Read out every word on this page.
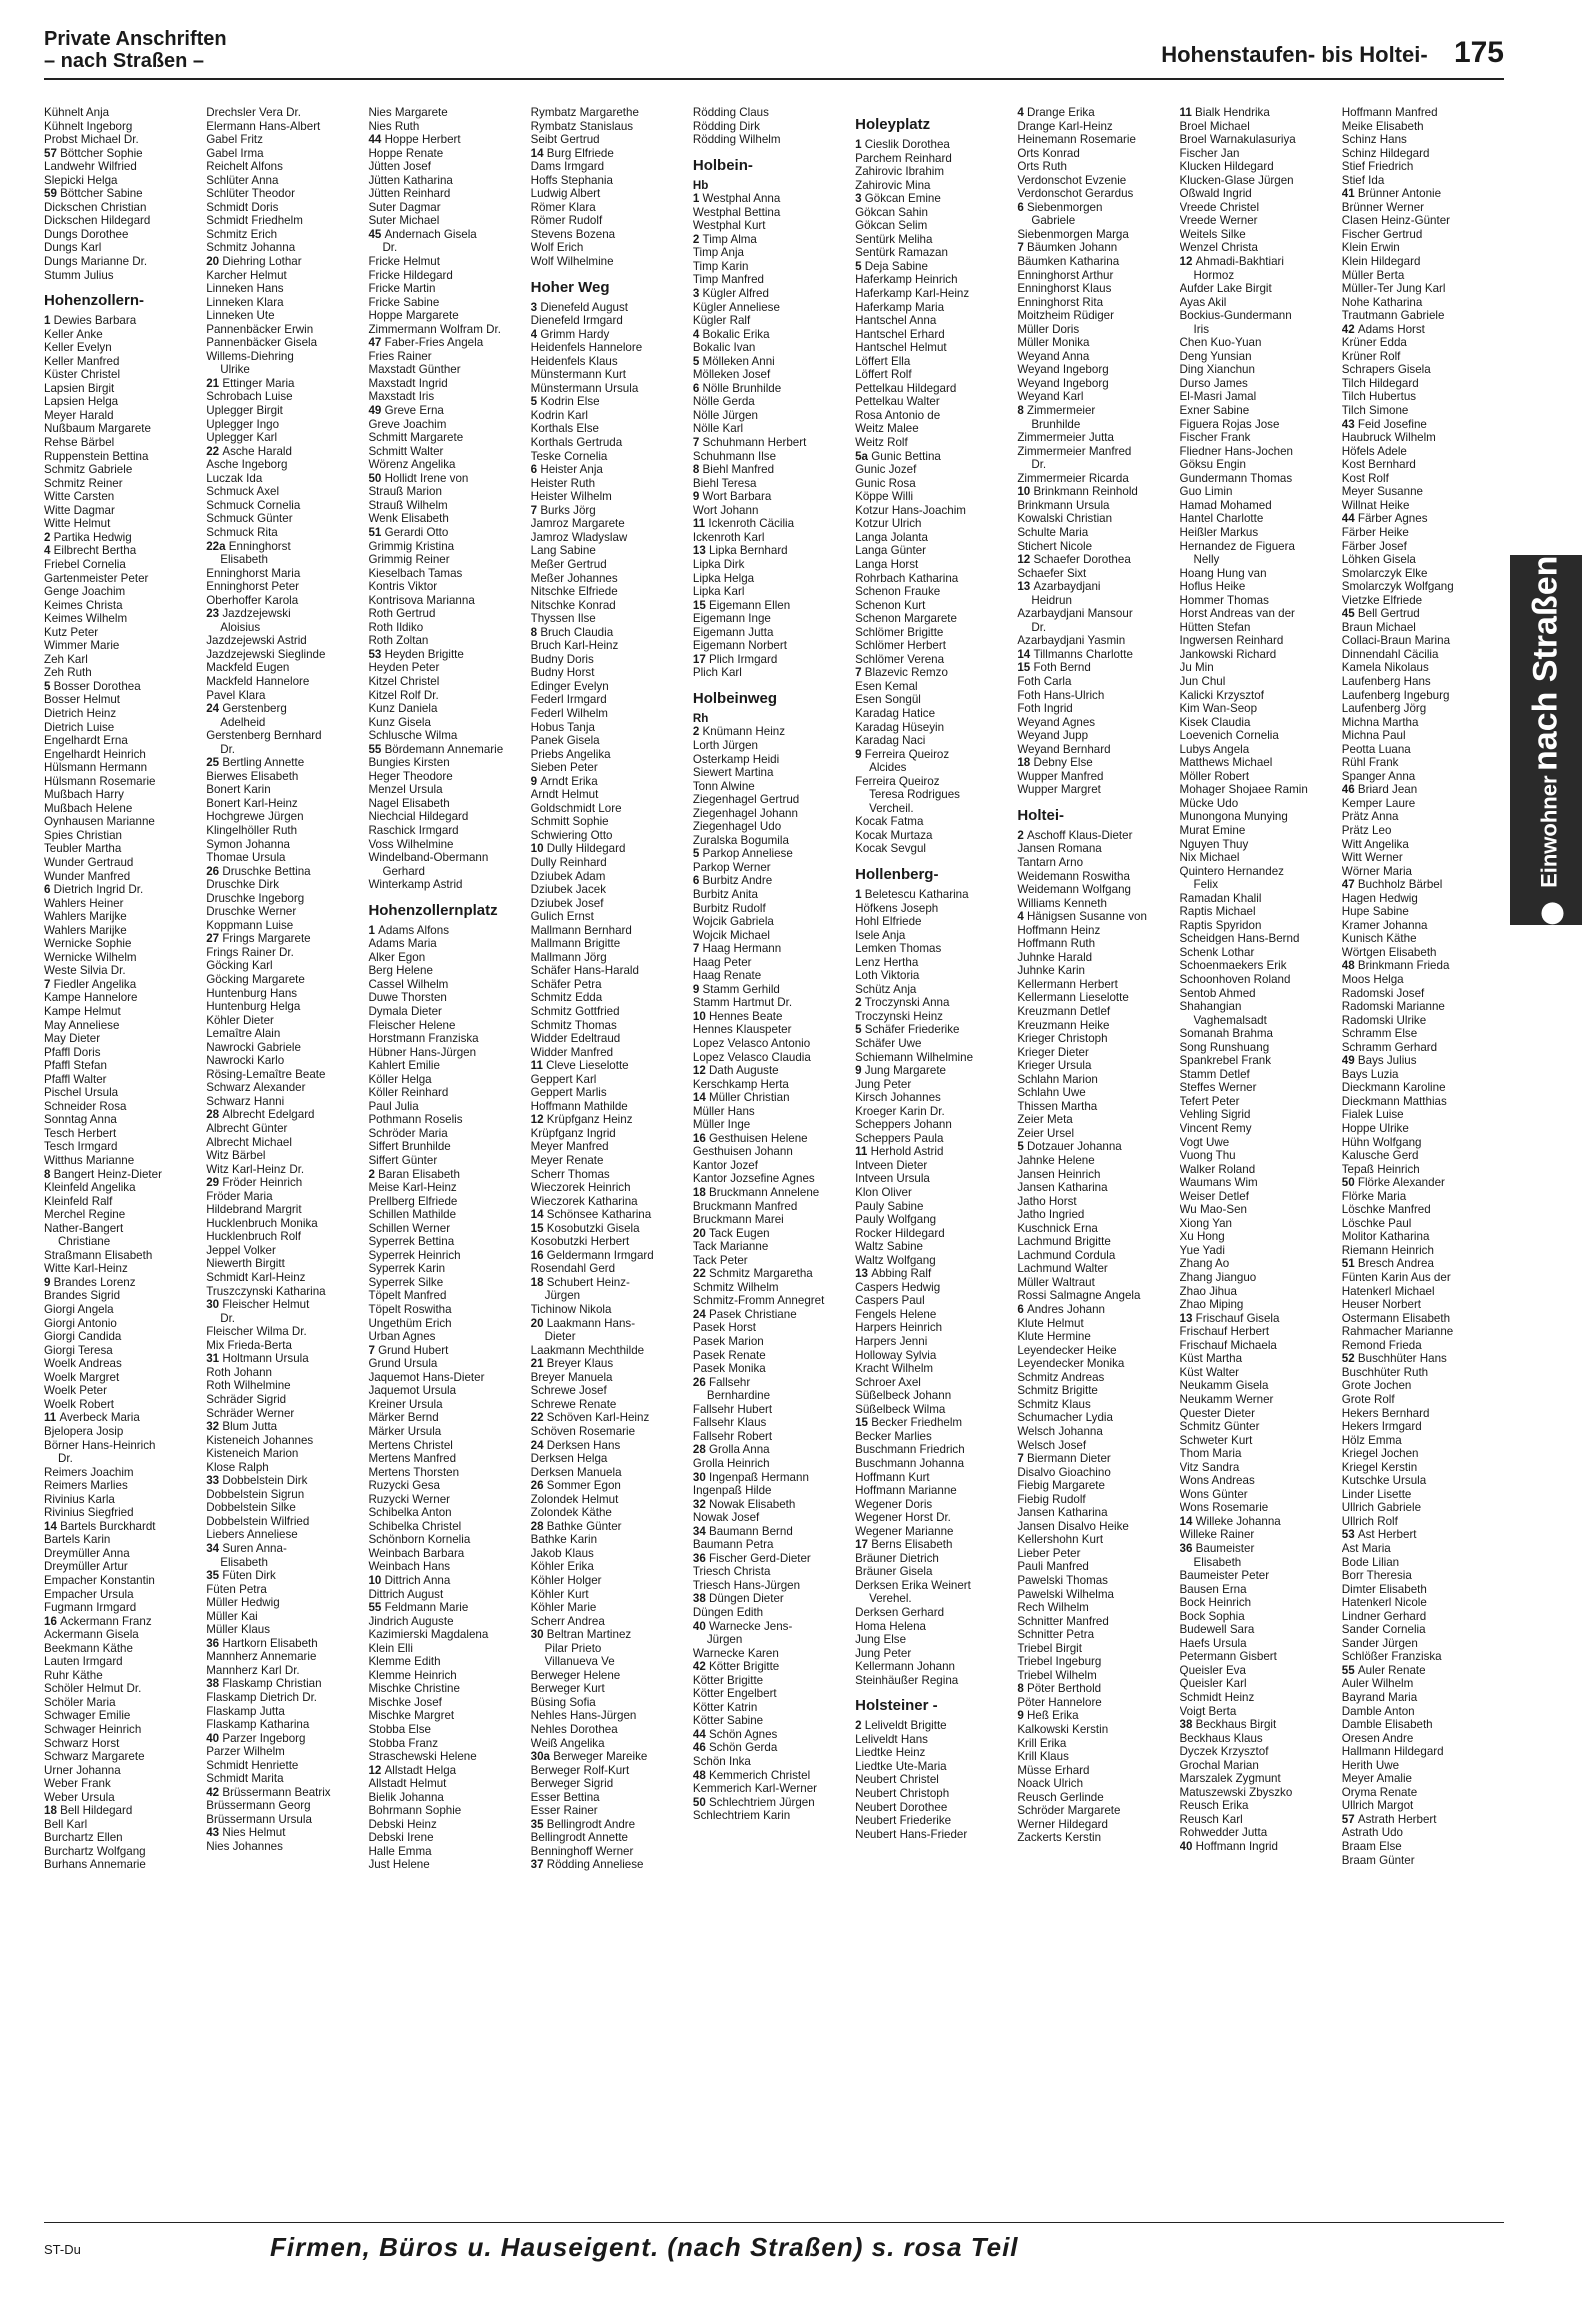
Private Anschriften
– nach Straßen –	Hohenstaufen- bis Holtei- 175
Kühnelt Anja
Kühnelt Ingeborg
Probst Michael Dr.
57 Böttcher Sophie
Landwehr Wilfried
Slepicki Helga
59 Böttcher Sabine
Dickschen Christian
Dickschen Hildegard
Dungs Dorothee
Dungs Karl
Dungs Marianne Dr.
Stumm Julius
Hohenzollern-
1 Dewies Barbara
Keller Anke
Keller Evelyn
Keller Manfred
Küster Christel
Lapsien Birgit
Lapsien Helga
Meyer Harald
Nußbaum Margarete
Rehse Bärbel
Ruppenstein Bettina
Schmitz Gabriele
Schmitz Reiner
Witte Carsten
Witte Dagmar
Witte Helmut
2 Partika Hedwig
4 Eilbrecht Bertha
Friebel Cornelia
Gartenmeister Peter
Genge Joachim
Keimes Christa
Keimes Wilhelm
Kutz Peter
Wimmer Marie
Zeh Karl
Zeh Ruth
5 Bosser Dorothea
Bosser Helmut
Dietrich Heinz
Dietrich Luise
Engelhardt Erna
Engelhardt Heinrich
Hülsmann Hermann
Hülsmann Rosemarie
Mußbach Harry
Mußbach Helene
Oynhausen Marianne
Spies Christian
Teubler Martha
Wunder Gertraud
Wunder Manfred
6 Dietrich Ingrid Dr.
Wahlers Heiner
Wahlers Marijke
Wahlers Marijke
Wernicke Sophie
Wernicke Wilhelm
Weste Silvia Dr.
7 Fiedler Angelika
Kampe Hannelore
Kampe Helmut
May Anneliese
May Dieter
Pfaffl Doris
Pfaffl Stefan
Pfaffl Walter
Pischel Ursula
Schneider Rosa
Sonntag Anna
Tesch Herbert
Tesch Irmgard
Witthus Marianne
8 Bangert Heinz-Dieter
Kleinfeld Angelika
Kleinfeld Ralf
Merchel Regine
Nather-Bangert
Christiane
Straßmann Elisabeth
Witte Karl-Heinz
9 Brandes Lorenz
Brandes Sigrid
Giorgi Angela
Giorgi Antonio
Giorgi Candida
Giorgi Teresa
Woelk Andreas
Woelk Margret
Woelk Peter
Woelk Robert
11 Averbeck Maria
Bjelopera Josip
Börner Hans-Heinrich
Dr.
Reimers Joachim
Reimers Marlies
Rivinius Karla
Rivinius Siegfried
14 Bartels Burckhardt
Bartels Karin
Dreymüller Anna
Dreymüller Artur
Empacher Konstantin
Empacher Ursula
Fugmann Irmgard
16 Ackermann Franz
Ackermann Gisela
Beekmann Käthe
Lauten Irmgard
Ruhr Käthe
Schöler Helmut Dr.
Schöler Maria
Schwager Emilie
Schwager Heinrich
Schwarz Horst
Schwarz Margarete
Urner Johanna
Weber Frank
Weber Ursula
18 Bell Hildegard
Bell Karl
Burchartz Ellen
Burchartz Wolfgang
Burhans Annemarie
Drechsler Vera Dr.
Elermann Hans-Albert
Gabel Fritz
Gabel Irma
Reichelt Alfons
Schlüter Anna
Schlüter Theodor
Schmidt Doris
Schmidt Friedhelm
Schmitz Erich
Schmitz Johanna
20 Diehring Lothar
Karcher Helmut
Linneken Hans
Linneken Klara
Linneken Ute
Pannenbäcker Erwin
Pannenbäcker Gisela
Willems-Diehring
Ulrike
21 Ettinger Maria
Schrobach Luise
Uplegger Birgit
Uplegger Ingo
Uplegger Karl
22 Asche Harald
Asche Ingeborg
Luczak Ida
Schmuck Axel
Schmuck Cornelia
Schmuck Günter
Schmuck Rita
22a Enninghorst
Elisabeth
Enninghorst Maria
Enninghorst Peter
Oberhoffer Karola
23 Jazdzejewski
Aloisius
Jazdzejewski Astrid
Jazdzejewski Sieglinde
Mackfeld Eugen
Mackfeld Hannelore
Pavel Klara
24 Gerstenberg
Adelheid
Gerstenberg Bernhard
Dr.
25 Bertling Annette
Bierwes Elisabeth
Bonert Karin
Bonert Karl-Heinz
Hochgrewe Jürgen
Klingelhöller Ruth
Symon Johanna
Thomae Ursula
26 Druschke Bettina
Druschke Dirk
Druschke Ingeborg
Druschke Werner
Koppmann Luise
27 Frings Margarete
Frings Rainer Dr.
Göcking Karl
Göcking Margarete
Huntenburg Hans
Huntenburg Helga
Köhler Dieter
Lemaître Alain
Nawrocki Gabriele
Nawrocki Karlo
Rösing-Lemaître Beate
Schwarz Alexander
Schwarz Hanni
28 Albrecht Edelgard
Albrecht Günter
Albrecht Michael
Witz Bärbel
Witz Karl-Heinz Dr.
29 Fröder Heinrich
Fröder Maria
Hildebrand Margrit
Hucklenbruch Monika
Hucklenbruch Rolf
Jeppel Volker
Niewerth Birgitt
Schmidt Karl-Heinz
Truszczynski Katharina
30 Fleischer Helmut
Dr.
Fleischer Wilma Dr.
Mix Frieda-Berta
31 Holtmann Ursula
Roth Johann
Roth Wilhelmine
Schräder Sigrid
Schräder Werner
32 Blum Jutta
Kisteneich Johannes
Kisteneich Marion
Klose Ralph
33 Dobbelstein Dirk
Dobbelstein Sigrun
Dobbelstein Silke
Dobbelstein Wilfried
Liebers Anneliese
34 Suren Anna-
Elisabeth
35 Füten Dirk
Füten Petra
Müller Hedwig
Müller Kai
Müller Klaus
36 Hartkorn Elisabeth
Mannherz Annemarie
Mannherz Karl Dr.
38 Flaskamp Christian
Flaskamp Dietrich Dr.
Flaskamp Jutta
Flaskamp Katharina
40 Parzer Ingeborg
Parzer Wilhelm
Schmidt Henriette
Schmidt Marita
42 Brüssermann Beatrix
Brüssermann Georg
Brüssermann Ursula
43 Nies Helmut
Nies Johannes
Nies Margarete
Nies Ruth
44 Hoppe Herbert
Hoppe Renate
Jütten Josef
Jütten Katharina
Jütten Reinhard
Suter Dagmar
Suter Michael
45 Andernach Gisela
Dr.
Fricke Helmut
Fricke Hildegard
Fricke Martin
Fricke Sabine
Hoppe Margarete
Zimmermann Wolfram Dr.
47 Faber-Fries Angela
Fries Rainer
Maxstadt Günther
Maxstadt Ingrid
Maxstadt Iris
49 Greve Erna
Greve Joachim
Schmitt Margarete
Schmitt Walter
Wörenz Angelika
50 Hollidt Irene von
Strauß Marion
Strauß Wilhelm
Wenk Elisabeth
51 Gerardi Otto
Grimmig Kristina
Grimmig Reiner
Kieselbach Tamas
Kontris Viktor
Kontrisova Marianna
Roth Gertrud
Roth Ildiko
Roth Zoltan
53 Heyden Brigitte
Heyden Peter
Kitzel Christel
Kitzel Rolf Dr.
Kunz Daniela
Kunz Gisela
Schlusche Wilma
55 Bördemann Annemarie
Bungies Kirsten
Heger Theodore
Menzel Ursula
Nagel Elisabeth
Niechcial Hildegard
Raschick Irmgard
Voss Wilhelmine
Windelband-Obermann
Gerhard
Winterkamp Astrid
Hohenzollernplatz
1 Adams Alfons
Adams Maria
Alker Egon
Berg Helene
Cassel Wilhelm
Duwe Thorsten
Dymala Dieter
Fleischer Helene
Horstmann Franziska
Hübner Hans-Jürgen
Kahlert Emilie
Köller Helga
Köller Reinhard
Paul Julia
Pothmann Roselis
Schröder Maria
Siffert Brunhilde
Siffert Günter
2 Baran Elisabeth
Meise Karl-Heinz
Prellberg Elfriede
Schillen Mathilde
Schillen Werner
Syperrek Bettina
Syperrek Heinrich
Syperrek Karin
Syperrek Silke
Töpelt Manfred
Töpelt Roswitha
Ungethüm Erich
Urban Agnes
7 Grund Hubert
Grund Ursula
Jaquemot Hans-Dieter
Jaquemot Ursula
Kreiner Ursula
Märker Bernd
Märker Ursula
Mertens Christel
Mertens Manfred
Mertens Thorsten
Ruzycki Gesa
Ruzycki Werner
Schibelka Anton
Schibelka Christel
Schönborn Kornelia
Weinbach Barbara
Weinbach Hans
10 Dittrich Anna
Dittrich August
55 Feldmann Marie
Jindrich Auguste
Kazimierski Magdalena
Klein Elli
Klemme Edith
Klemme Heinrich
Mischke Christine
Mischke Josef
Mischke Margret
Stobba Else
Stobba Franz
Straschewski Helene
12 Allstadt Helga
Allstadt Helmut
Bielik Johanna
Bohrmann Sophie
Debski Heinz
Debski Irene
Halle Emma
Just Helene
Rymbatz Margarethe
Rymbatz Stanislaus
Seibt Gertrud
14 Burg Elfriede
Dams Irmgard
Hoffs Stephania
Ludwig Albert
Römer Klara
Römer Rudolf
Stevens Bozena
Wolf Erich
Wolf Wilhelmine
Hoher Weg
3 Dienefeld August
Dienefeld Irmgard
4 Grimm Hardy
Heidenfels Hannelore
Heidenfels Klaus
Münstermann Kurt
Münstermann Ursula
5 Kodrin Else
Kodrin Karl
Korthals Else
Korthals Gertruda
Teske Cornelia
6 Heister Anja
Heister Ruth
Heister Wilhelm
7 Burks Jörg
Jamroz Margarete
Jamroz Wladyslaw
Lang Sabine
Meßer Gertrud
Meßer Johannes
Nitschke Elfriede
Nitschke Konrad
Thyssen Ilse
8 Bruch Claudia
Bruch Karl-Heinz
Budny Doris
Budny Horst
Edinger Evelyn
Federl Irmgard
Federl Wilhelm
Hobus Tanja
Panek Gisela
Priebs Angelika
Sieben Peter
9 Arndt Erika
Arndt Helmut
Goldschmidt Lore
Schmitt Sophie
Schwiering Otto
10 Dully Hildegard
Dully Reinhard
Dziubek Adam
Dziubek Jacek
Dziubek Josef
Gulich Ernst
Mallmann Bernhard
Mallmann Brigitte
Mallmann Jörg
Schäfer Hans-Harald
Schäfer Petra
Schmitz Edda
Schmitz Gottfried
Schmitz Thomas
Widder Edeltraud
Widder Manfred
11 Cleve Lieselotte
Geppert Karl
Geppert Marlis
Hoffmann Mathilde
12 Krüpfganz Heinz
Krüpfganz Ingrid
Meyer Manfred
Meyer Renate
Scherr Thomas
Wieczorek Heinrich
Wieczorek Katharina
14 Schönsee Katharina
15 Kosobutzki Gisela
Kosobutzki Herbert
16 Geldermann Irmgard
Rosendahl Gerd
18 Schubert Heinz-
Jürgen
Tichinow Nikola
20 Laakmann Hans-
Dieter
Laakmann Mechthilde
21 Breyer Klaus
Breyer Manuela
Schrewe Josef
Schrewe Renate
22 Schöven Karl-Heinz
Schöven Rosemarie
24 Derksen Hans
Derksen Helga
Derksen Manuela
26 Sommer Egon
Zolondek Helmut
Zolondek Käthe
28 Bathke Günter
Bathke Karin
Jakob Klaus
Köhler Erika
Köhler Holger
Köhler Kurt
Köhler Marie
Scherr Andrea
30 Beltran Martinez
Pilar Prieto
Villanueva Ve
Berweger Helene
Berweger Kurt
Büsing Sofia
Nehles Hans-Jürgen
Nehles Dorothea
Weiß Angelika
30a Berweger Mareike
Berweger Rolf-Kurt
Berweger Sigrid
Esser Bettina
Esser Rainer
35 Bellingrodt Andre
Bellingrodt Annette
Benninghoff Werner
37 Rödding Anneliese
Rödding Claus
Rödding Dirk
Rödding Wilhelm
Holbein-
Hb
1 Westphal Anna
Westphal Bettina
Westphal Kurt
2 Timp Alma
Timp Anja
Timp Karin
Timp Manfred
3 Kügler Alfred
Kügler Anneliese
Kügler Ralf
4 Bokalic Erika
Bokalic Ivan
5 Mölleken Anni
Mölleken Josef
6 Nölle Brunhilde
Nölle Gerda
Nölle Jürgen
Nölle Karl
7 Schuhmann Herbert
Schuhmann Ilse
8 Biehl Manfred
Biehl Teresa
9 Wort Barbara
Wort Johann
11 Ickenroth Cäcilia
Ickenroth Karl
13 Lipka Bernhard
Lipka Dirk
Lipka Helga
Lipka Karl
15 Eigemann Ellen
Eigemann Inge
Eigemann Jutta
Eigemann Norbert
17 Plich Irmgard
Plich Karl
Holbeinweg
Rh
2 Knümann Heinz
Lorth Jürgen
Osterkamp Heidi
Siewert Martina
Tonn Alwine
Ziegenhagel Gertrud
Ziegenhagel Johann
Ziegenhagel Udo
Zuralska Bogumila
5 Parkop Anneliese
Parkop Werner
6 Burbitz Andre
Burbitz Anita
Burbitz Rudolf
Wojcik Gabriela
Wojcik Michael
7 Haag Hermann
Haag Peter
Haag Renate
9 Stamm Gerhild
Stamm Hartmut Dr.
10 Hennes Beate
Hennes Klauspeter
Lopez Velasco Antonio
Lopez Velasco Claudia
12 Dath Auguste
Kerschkamp Herta
14 Müller Christian
Müller Hans
Müller Inge
16 Gesthuisen Helene
Gesthuisen Johann
Kantor Jozef
Kantor Jozsefine Agnes
18 Bruckmann Annelene
Bruckmann Manfred
Bruckmann Marei
20 Tack Eugen
Tack Marianne
Tack Peter
22 Schmitz Margaretha
Schmitz Wilhelm
Schmitz-Fromm Annegret
24 Pasek Christiane
Pasek Horst
Pasek Marion
Pasek Renate
Pasek Monika
26 Fallsehr
Bernhardine
Fallsehr Hubert
Fallsehr Klaus
Fallsehr Robert
28 Grolla Anna
Grolla Heinrich
30 Ingenpaß Hermann
Ingenpaß Hilde
32 Nowak Elisabeth
Nowak Josef
34 Baumann Bernd
Baumann Petra
36 Fischer Gerd-Dieter
Triesch Christa
Triesch Hans-Jürgen
38 Düngen Dieter
Düngen Edith
40 Warnecke Jens-
Jürgen
Warnecke Karen
42 Kötter Brigitte
Kötter Brigitte
Kötter Engelbert
Kötter Katrin
Kötter Sabine
44 Schön Agnes
46 Schön Gerda
Schön Inka
48 Kemmerich Christel
Kemmerich Karl-Werner
50 Schlechtriem Jürgen
Schlechtriem Karin
Holeyplatz
1 Cieslik Dorothea
Parchem Reinhard
Zahirovic Ibrahim
Zahirovic Mina
3 Gökcan Emine
Gökcan Sahin
Gökcan Selim
Sentürk Meliha
Sentürk Ramazan
5 Deja Sabine
Haferkamp Heinrich
Haferkamp Karl-Heinz
Haferkamp Maria
Hantschel Anna
Hantschel Erhard
Hantschel Helmut
Löffert Ella
Löffert Rolf
Pettelkau Hildegard
Pettelkau Walter
Rosa Antonio de
Weitz Malee
Weitz Rolf
5a Gunic Bettina
Gunic Jozef
Gunic Rosa
Köppe Willi
Kotzur Hans-Joachim
Kotzur Ulrich
Langa Jolanta
Langa Günter
Langa Horst
Rohrbach Katharina
Schenon Frauke
Schenon Kurt
Schenon Margarete
Schlömer Brigitte
Schlömer Herbert
Schlömer Verena
7 Blazevic Remzo
Esen Kemal
Esen Songül
Karadag Hatice
Karadag Hüseyin
Karadag Naci
9 Ferreira Queiroz
Alcides
Ferreira Queiroz
Teresa Rodrigues
Vercheil.
Kocak Fatma
Kocak Murtaza
Kocak Sevgul
Hollenberg-
1 Beletescu Katharina
Höfkens Joseph
Hohl Elfriede
Isele Anja
Lemken Thomas
Lenz Hertha
Loth Viktoria
Schütz Anja
2 Troczynski Anna
Troczynski Heinz
5 Schäfer Friederike
Schäfer Uwe
Schiemann Wilhelmine
9 Jung Margarete
Jung Peter
Kirsch Johannes
Kroeger Karin Dr.
Scheppers Johann
Scheppers Paula
11 Herhold Astrid
Intveen Dieter
Intveen Ursula
Klon Oliver
Pauly Sabine
Pauly Wolfgang
Rocker Hildegard
Waltz Sabine
Waltz Wolfgang
13 Abbing Ralf
Caspers Hedwig
Caspers Paul
Fengels Helene
Harpers Heinrich
Harpers Jenni
Holloway Sylvia
Kracht Wilhelm
Schroer Axel
Süßelbeck Johann
Süßelbeck Wilma
15 Becker Friedhelm
Becker Marlies
Buschmann Friedrich
Buschmann Johanna
Hoffmann Kurt
Hoffmann Marianne
Wegener Doris
Wegener Horst Dr.
Wegener Marianne
17 Berns Elisabeth
Bräuner Dietrich
Bräuner Gisela
Derksen Erika Weinert
Verehel.
Derksen Gerhard
Homa Helena
Jung Else
Jung Peter
Kellermann Johann
Steinhäußer Regina
Holsteiner -
2 Leliveldt Brigitte
Leliveldt Hans
Liedtke Heinz
Liedtke Ute-Maria
Neubert Christel
Neubert Christoph
Neubert Dorothee
Neubert Friederike
Neubert Hans-Frieder
4 Drange Erika
Drange Karl-Heinz
Heinemann Rosemarie
Orts Konrad
Orts Ruth
Verdonschot Evzenie
Verdonschot Gerardus
6 Siebenmorgen
Gabriele
Siebenmorgen Marga
7 Bäumken Johann
Bäumken Katharina
Enninghorst Arthur
Enninghorst Klaus
Enninghorst Rita
Moitzheim Rüdiger
Müller Doris
Müller Monika
Weyand Anna
Weyand Ingeborg
Weyand Ingeborg
Weyand Karl
8 Zimmermeier
Brunhilde
Zimmermeier Jutta
Zimmermeier Manfred
Dr.
Zimmermeier Ricarda
10 Brinkmann Reinhold
Brinkmann Ursula
Kowalski Christian
Schulte Maria
Stichert Nicole
12 Schaefer Dorothea
Schaefer Sixt
13 Azarbaydjani
Heidrun
Azarbaydjani Mansour
Dr.
Azarbaydjani Yasmin
14 Tillmanns Charlotte
15 Foth Bernd
Foth Carla
Foth Hans-Ulrich
Foth Ingrid
Weyand Agnes
Weyand Jupp
Weyand Bernhard
18 Debny Else
Wupper Manfred
Wupper Margret
Holtei-
2 Aschoff Klaus-Dieter
Jansen Romana
Tantarn Arno
Weidemann Roswitha
Weidemann Wolfgang
Williams Kenneth
4 Hänigsen Susanne von
Hoffmann Heinz
Hoffmann Ruth
Juhnke Harald
Juhnke Karin
Kellermann Herbert
Kellermann Lieselotte
Kreuzmann Detlef
Kreuzmann Heike
Krieger Christoph
Krieger Dieter
Krieger Ursula
Schlahn Marion
Schlahn Uwe
Thissen Martha
Zeier Meta
Zeier Ursel
5 Dotzauer Johanna
Jahnke Helene
Jansen Heinrich
Jansen Katharina
Jatho Horst
Jatho Ingried
Kuschnick Erna
Lachmund Brigitte
Lachmund Cordula
Lachmund Walter
Müller Waltraut
Rossi Salmagne Angela
6 Andres Johann
Klute Helmut
Klute Hermine
Leyendecker Heike
Leyendecker Monika
Schmitz Andreas
Schmitz Brigitte
Schmitz Klaus
Schumacher Lydia
Welsch Johanna
Welsch Josef
7 Biermann Dieter
Disalvo Gioachino
Fiebig Margarete
Fiebig Rudolf
Jansen Katharina
Jansen Disalvo Heike
Kellershohn Kurt
Lieber Peter
Pauli Manfred
Pawelski Thomas
Pawelski Wilhelma
Rech Wilhelm
Schnitter Manfred
Schnitter Petra
Triebel Birgit
Triebel Ingeburg
Triebel Wilhelm
8 Pöter Berthold
Pöter Hannelore
9 Heß Erika
Kalkowski Kerstin
Krill Erika
Krill Klaus
Müsse Erhard
Noack Ulrich
Reusch Gerlinde
Schröder Margarete
Werner Hildegard
Zackerts Kerstin
11 Bialk Hendrika
Broel Michael
Broel Warnakulasuriya
Fischer Jan
Klucken Hildegard
Klucken-Glase Jürgen
Oßwald Ingrid
Vreede Christel
Vreede Werner
Weitels Silke
Wenzel Christa
12 Ahmadi-Bakhtiari
Hormoz
Aufder Lake Birgit
Ayas Akil
Bockius-Gundermann
Iris
Chen Kuo-Yuan
Deng Yunsian
Ding Xianchun
Durso James
El-Masri Jamal
Exner Sabine
Figuera Rojas Jose
Fischer Frank
Fliedner Hans-Jochen
Göksu Engin
Gundermann Thomas
Guo Limin
Hamad Mohamed
Hantel Charlotte
Heißler Markus
Hernandez de Figuera
Nelly
Hoang Hung van
Hoflus Heike
Hommer Thomas
Horst Andreas van der
Hütten Stefan
Ingwersen Reinhard
Jankowski Richard
Ju Min
Jun Chul
Kalicki Krzysztof
Kim Wan-Seop
Kisek Claudia
Loevenich Cornelia
Lubys Angela
Matthews Michael
Möller Robert
Mohager Shojaee Ramin
Mücke Udo
Munongona Munying
Murat Emine
Nguyen Thuy
Nix Michael
Quintero Hernandez
Felix
Ramadan Khalil
Raptis Michael
Raptis Spyridon
Scheidgen Hans-Bernd
Schenk Lothar
Schoenmaekers Erik
Schoonhoven Roland
Sentob Ahmed
Shahangian
Vaghemalsadt
Somanah Brahma
Song Runshuang
Spankrebel Frank
Stamm Detlef
Steffes Werner
Tefert Peter
Vehling Sigrid
Vincent Remy
Vogt Uwe
Vuong Thu
Walker Roland
Waumans Wim
Weiser Detlef
Wu Mao-Sen
Xiong Yan
Xu Hong
Yue Yadi
Zhang Ao
Zhang Jianguo
Zhao Jihua
Zhao Miping
13 Frischauf Gisela
Frischauf Herbert
Frischauf Michaela
Küst Martha
Küst Walter
Neukamm Gisela
Neukamm Werner
Quester Dieter
Schmitz Günter
Schweter Kurt
Thom Maria
Vitz Sandra
Wons Andreas
Wons Günter
Wons Rosemarie
14 Willeke Johanna
Willeke Rainer
36 Baumeister
Elisabeth
Baumeister Peter
Bausen Erna
Bock Heinrich
Bock Sophia
Budewell Sara
Haefs Ursula
Petermann Gisbert
Queisler Eva
Queisler Karl
Schmidt Heinz
Voigt Berta
38 Beckhaus Birgit
Beckhaus Klaus
Dyczek Krzysztof
Grochal Marian
Marszalek Zygmunt
Matuszewski Zbyszko
Reusch Erika
Reusch Karl
Rohwedder Jutta
40 Hoffmann Ingrid
Hoffmann Manfred
Meike Elisabeth
Schinz Hans
Schinz Hildegard
Stief Friedrich
Stief Ida
41 Brünner Antonie
Brünner Werner
Clasen Heinz-Günter
Fischer Gertrud
Klein Erwin
Klein Hildegard
Müller Berta
Müller-Ter Jung Karl
Nohe Katharina
Trautmann Gabriele
42 Adams Horst
Krüner Edda
Krüner Rolf
Schrapers Gisela
Tilch Hildegard
Tilch Hubertus
Tilch Simone
43 Feid Josefine
Haubruck Wilhelm
Höfels Adele
Kost Bernhard
Kost Rolf
Meyer Susanne
Willnat Heike
44 Färber Agnes
Färber Heike
Färber Josef
Löhken Gisela
Smolarczyk Elke
Smolarczyk Wolfgang
Vietzke Elfriede
45 Bell Gertrud
Braun Michael
Collaci-Braun Marina
Dinnendahl Cäcilia
Kamela Nikolaus
Laufenberg Hans
Laufenberg Ingeburg
Laufenberg Jörg
Michna Martha
Michna Paul
Peotta Luana
Rühl Frank
Spanger Anna
46 Briard Jean
Kemper Laure
Prätz Anna
Prätz Leo
Witt Angelika
Witt Werner
Wörner Maria
47 Buchholz Bärbel
Hagen Hedwig
Hupe Sabine
Kramer Johanna
Kunisch Käthe
Wörtgen Elisabeth
48 Brinkmann Frieda
Moos Helga
Radomski Josef
Radomski Marianne
Radomski Ulrike
Schramm Else
Schramm Gerhard
49 Bays Julius
Bays Luzia
Dieckmann Karoline
Dieckmann Matthias
Fialek Luise
Hoppe Ulrike
Hühn Wolfgang
Kalusche Gerd
Tepaß Heinrich
50 Flörke Alexander
Flörke Maria
Löschke Manfred
Löschke Paul
Molitor Katharina
Riemann Heinrich
51 Bresch Andrea
Fünten Karin Aus der
Hatenkerl Michael
Heuser Norbert
Ostermann Elisabeth
Rahmacher Marianne
Remond Frieda
52 Buschhüter Hans
Buschhüter Ruth
Grote Jochen
Grote Rolf
Hekers Bernhard
Hekers Irmgard
Hölz Emma
Kriegel Jochen
Kriegel Kerstin
Kutschke Ursula
Linder Lisette
Ullrich Gabriele
Ullrich Rolf
53 Ast Herbert
Ast Maria
Bode Lilian
Borr Theresia
Dimter Elisabeth
Hatenkerl Nicole
Lindner Gerhard
Sander Cornelia
Sander Jürgen
Schlößer Franziska
55 Auler Renate
Auler Wilhelm
Bayrand Maria
Damble Anton
Damble Elisabeth
Oresen Andre
Hallmann Hildegard
Herith Uwe
Meyer Amalie
Oryma Renate
Ullrich Margot
57 Astrath Herbert
Astrath Udo
Braam Else
Braam Günter
Einwohner nach Straßen
ST-Du	Firmen, Büros u. Hauseigent. (nach Straßen) s. rosa Teil
